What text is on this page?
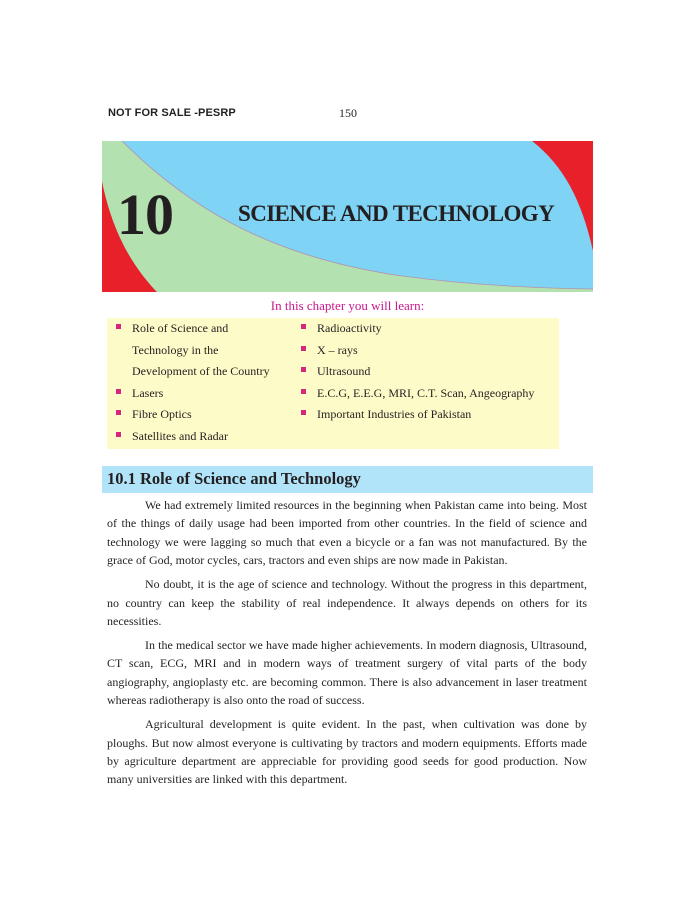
NOT FOR SALE -PESRP	150
10	SCIENCE AND TECHNOLOGY
In this chapter you will learn:
Role of Science and
Technology in the
Development of the Country
Lasers
Fibre Optics
Satellites and Radar
Radioactivity
X – rays
Ultrasound
E.C.G, E.E.G, MRI, C.T. Scan, Angeography
Important Industries of Pakistan
10.1 Role of Science and Technology

We had extremely limited resources in the beginning when Pakistan came into being. Most of the things of daily usage had been imported from other countries. In the field of science and technology we were lagging so much that even a bicycle or a fan was not manufactured. By the grace of God, motor cycles, cars, tractors and even ships are now made in Pakistan.

No doubt, it is the age of science and technology. Without the progress in this department, no country can keep the stability of real independence. It always depends on others for its necessities.

In the medical sector we have made higher achievements. In modern diagnosis, Ultrasound, CT scan, ECG, MRI and in modern ways of treatment surgery of vital parts of the body angiography, angioplasty etc. are becoming common. There is also advancement in laser treatment whereas radiotherapy is also onto the road of success.

Agricultural development is quite evident. In the past, when cultivation was done by ploughs. But now almost everyone is cultivating by tractors and modern equipments. Efforts made by agriculture department are appreciable for providing good seeds for good production. Now many universities are linked with this department.
